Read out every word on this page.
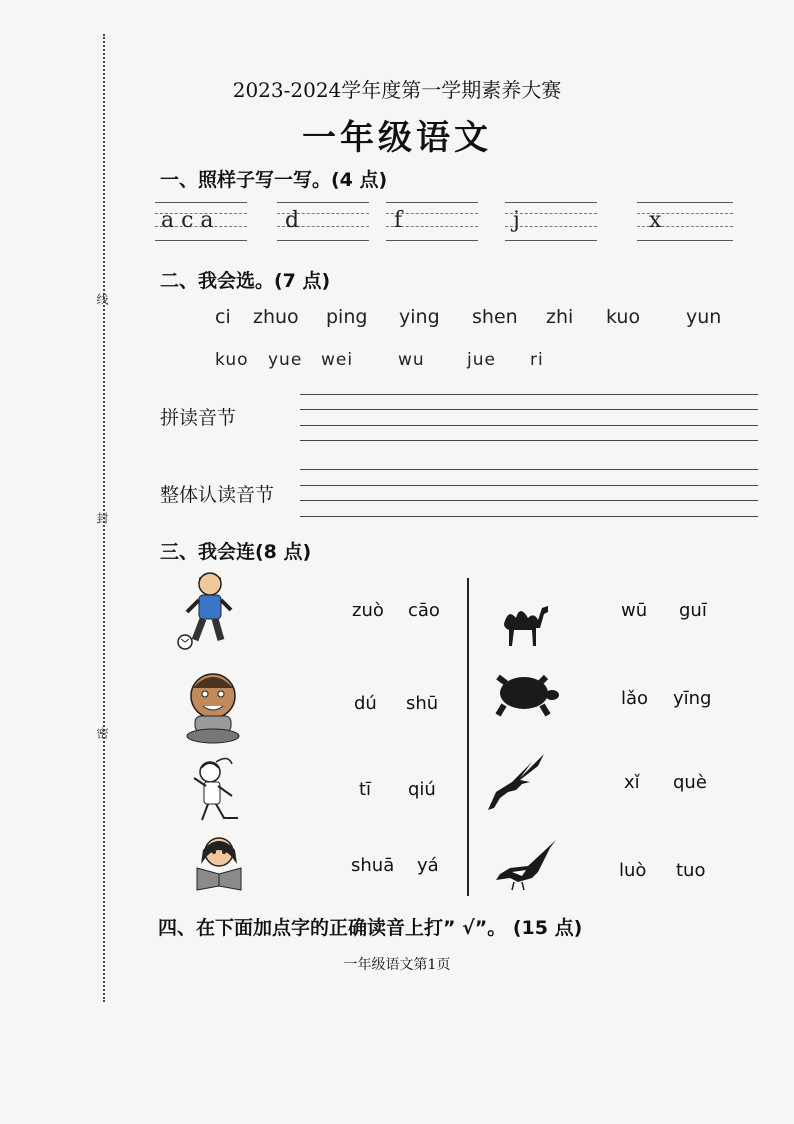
线
封
密
2023-2024学年度第一学期素养大赛
一年级语文
一、照样子写一写。(4 点)
a c a	d	f	j	x
二、我会选。(7 点)
ci zhuo ping ying shen zhi kuo yun
kuo yue wei	wu jue ri
拼读音节
整体认读音节
三、我会连(8 点)
zuò cāo
dú shū
tī qiú
shuā yá
wū guī
lǎo yīng
xǐ què
luò tuo
四、在下面加点字的正确读音上打” √”。 (15 点)
一年级语文第1页
